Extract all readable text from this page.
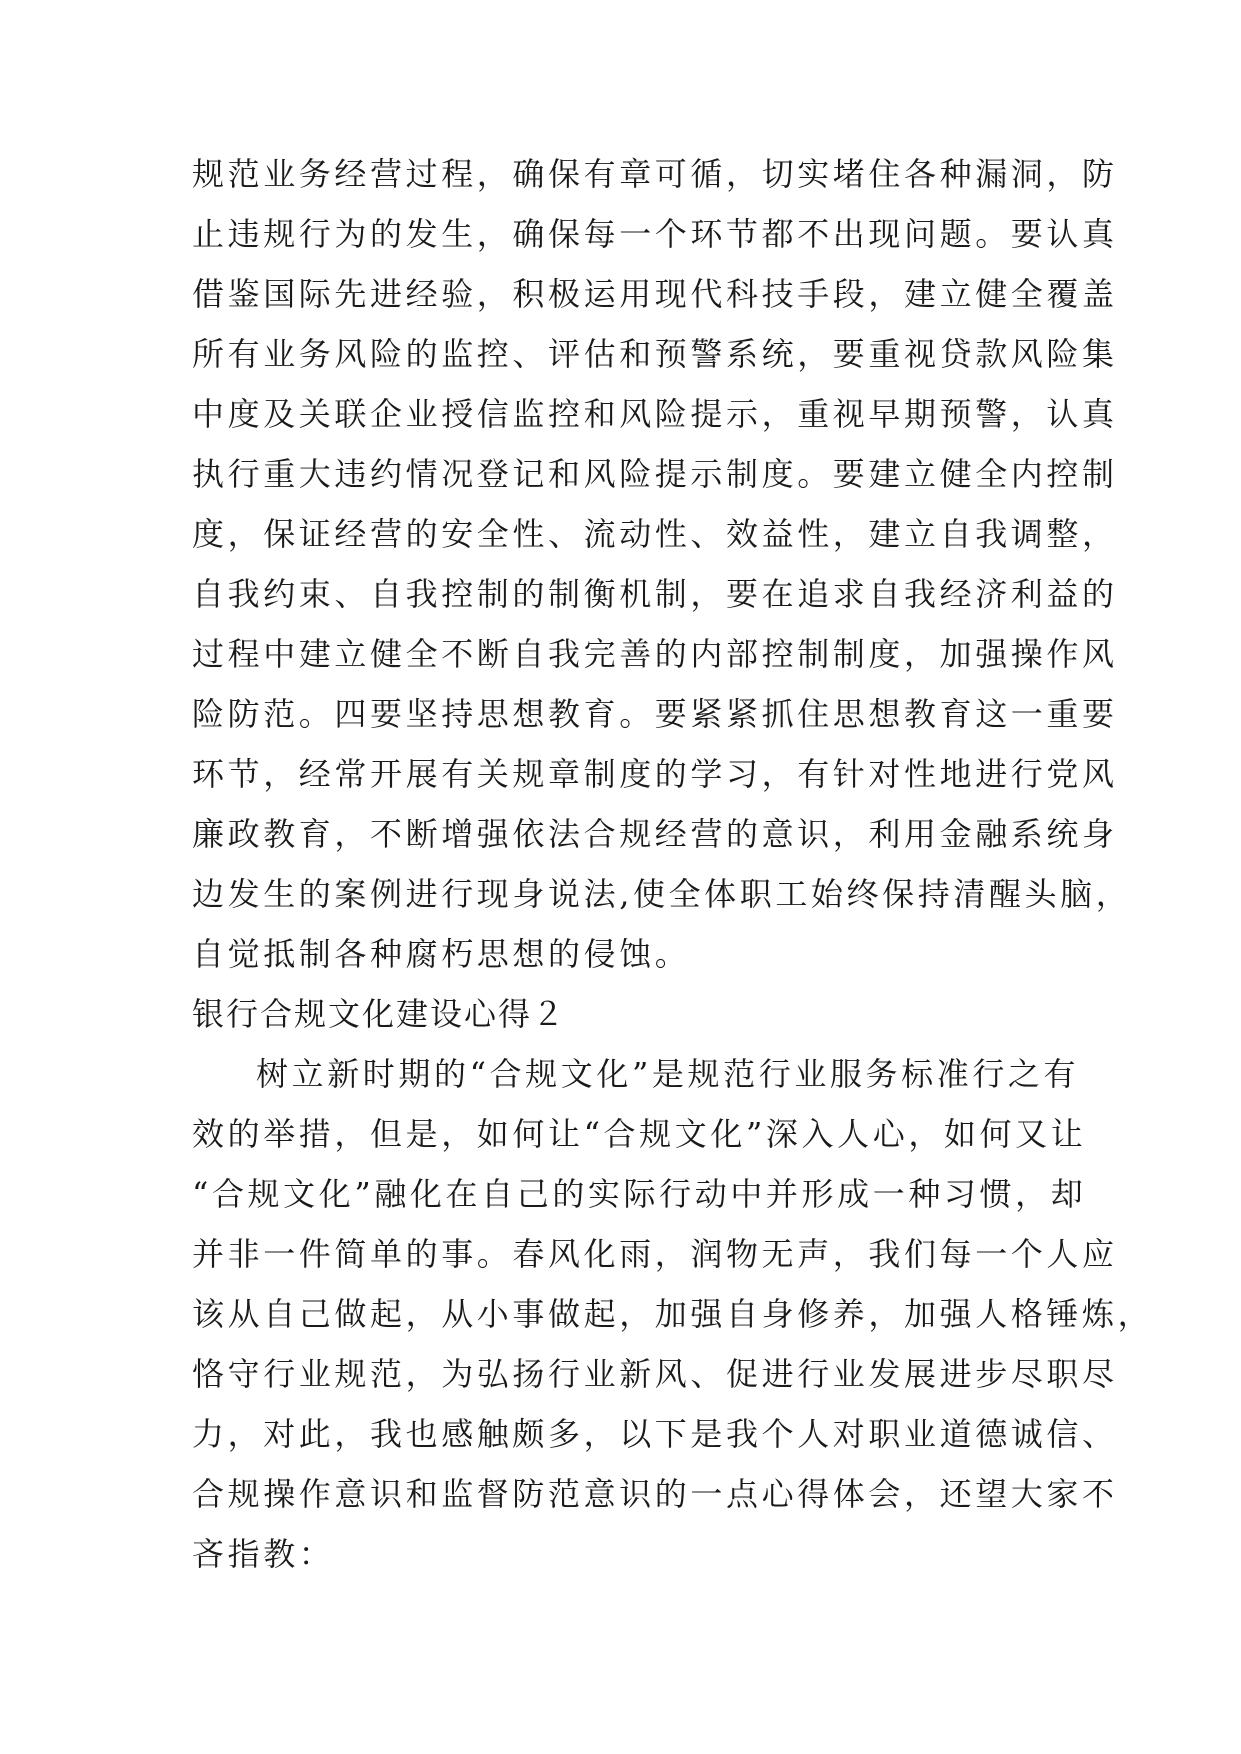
规范业务经营过程，确保有章可循，切实堵住各种漏洞，防
止违规行为的发生，确保每一个环节都不出现问题。要认真
借鉴国际先进经验，积极运用现代科技手段，建立健全覆盖
所有业务风险的监控、评估和预警系统，要重视贷款风险集
中度及关联企业授信监控和风险提示，重视早期预警，认真
执行重大违约情况登记和风险提示制度。要建立健全内控制
度，保证经营的安全性、流动性、效益性，建立自我调整，
自我约束、自我控制的制衡机制，要在追求自我经济利益的
过程中建立健全不断自我完善的内部控制制度，加强操作风
险防范。四要坚持思想教育。要紧紧抓住思想教育这一重要
环节，经常开展有关规章制度的学习，有针对性地进行党风
廉政教育，不断增强依法合规经营的意识，利用金融系统身
边发生的案例进行现身说法,使全体职工始终保持清醒头脑，
自觉抵制各种腐朽思想的侵蚀。
银行合规文化建设心得２
树立新时期的“合规文化”是规范行业服务标准行之有
效的举措，但是，如何让“合规文化”深入人心，如何又让
“合规文化”融化在自己的实际行动中并形成一种习惯，却
并非一件简单的事。春风化雨，润物无声，我们每一个人应
该从自己做起，从小事做起，加强自身修养，加强人格锤炼，
恪守行业规范，为弘扬行业新风、促进行业发展进步尽职尽
力，对此，我也感触颇多，以下是我个人对职业道德诚信、
合规操作意识和监督防范意识的一点心得体会，还望大家不
吝指教：
